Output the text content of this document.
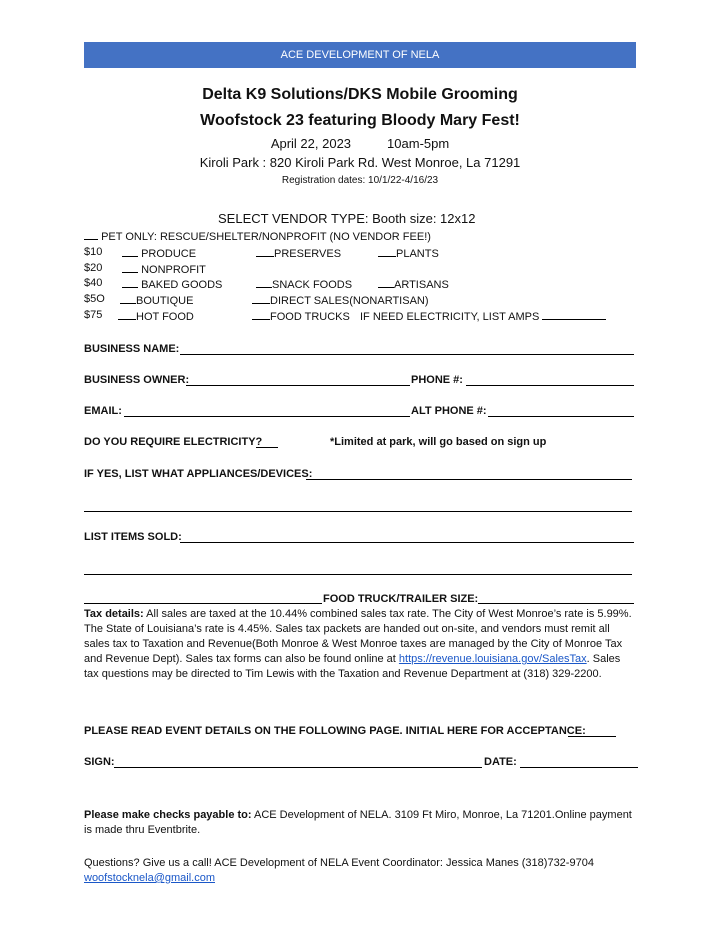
ACE DEVELOPMENT OF NELA
Delta K9 Solutions/DKS Mobile Grooming
Woofstock 23 featuring Bloody Mary Fest!
April 22, 2023	10am-5pm
Kiroli Park : 820 Kiroli Park Rd. West Monroe, La 71291
Registration dates: 10/1/22-4/16/23
SELECT VENDOR TYPE: Booth size: 12x12
PET ONLY: RESCUE/SHELTER/NONPROFIT (NO VENDOR FEE!)
$10	PRODUCE	PRESERVES	PLANTS
$20	NONPROFIT
$40	BAKED GOODS	SNACK FOODS	ARTISANS
$5O	BOUTIQUE	DIRECT SALES(NONARTISAN)
$75	HOT FOOD	FOOD TRUCKS IF NEED ELECTRICITY, LIST AMPS
BUSINESS NAME:
BUSINESS OWNER:	PHONE #:
EMAIL:	ALT PHONE #:
DO YOU REQUIRE ELECTRICITY?	*Limited at park, will go based on sign up
IF YES, LIST WHAT APPLIANCES/DEVICES:
LIST ITEMS SOLD:
FOOD TRUCK/TRAILER SIZE:
Tax details: All sales are taxed at the 10.44% combined sales tax rate. The City of West Monroe’s rate is 5.99%. The State of Louisiana’s rate is 4.45%. Sales tax packets are handed out on-site, and vendors must remit all sales tax to Taxation and Revenue(Both Monroe & West Monroe taxes are managed by the City of Monroe Tax and Revenue Dept). Sales tax forms can also be found online at https://revenue.louisiana.gov/SalesTax. Sales tax questions may be directed to Tim Lewis with the Taxation and Revenue Department at (318) 329-2200.
PLEASE READ EVENT DETAILS ON THE FOLLOWING PAGE. INITIAL HERE FOR ACCEPTANCE:
SIGN:	DATE:
Please make checks payable to: ACE Development of NELA. 3109 Ft Miro, Monroe, La 71201.Online payment is made thru Eventbrite.
Questions? Give us a call! ACE Development of NELA Event Coordinator: Jessica Manes (318)732-9704
woofstocknela@gmail.com
